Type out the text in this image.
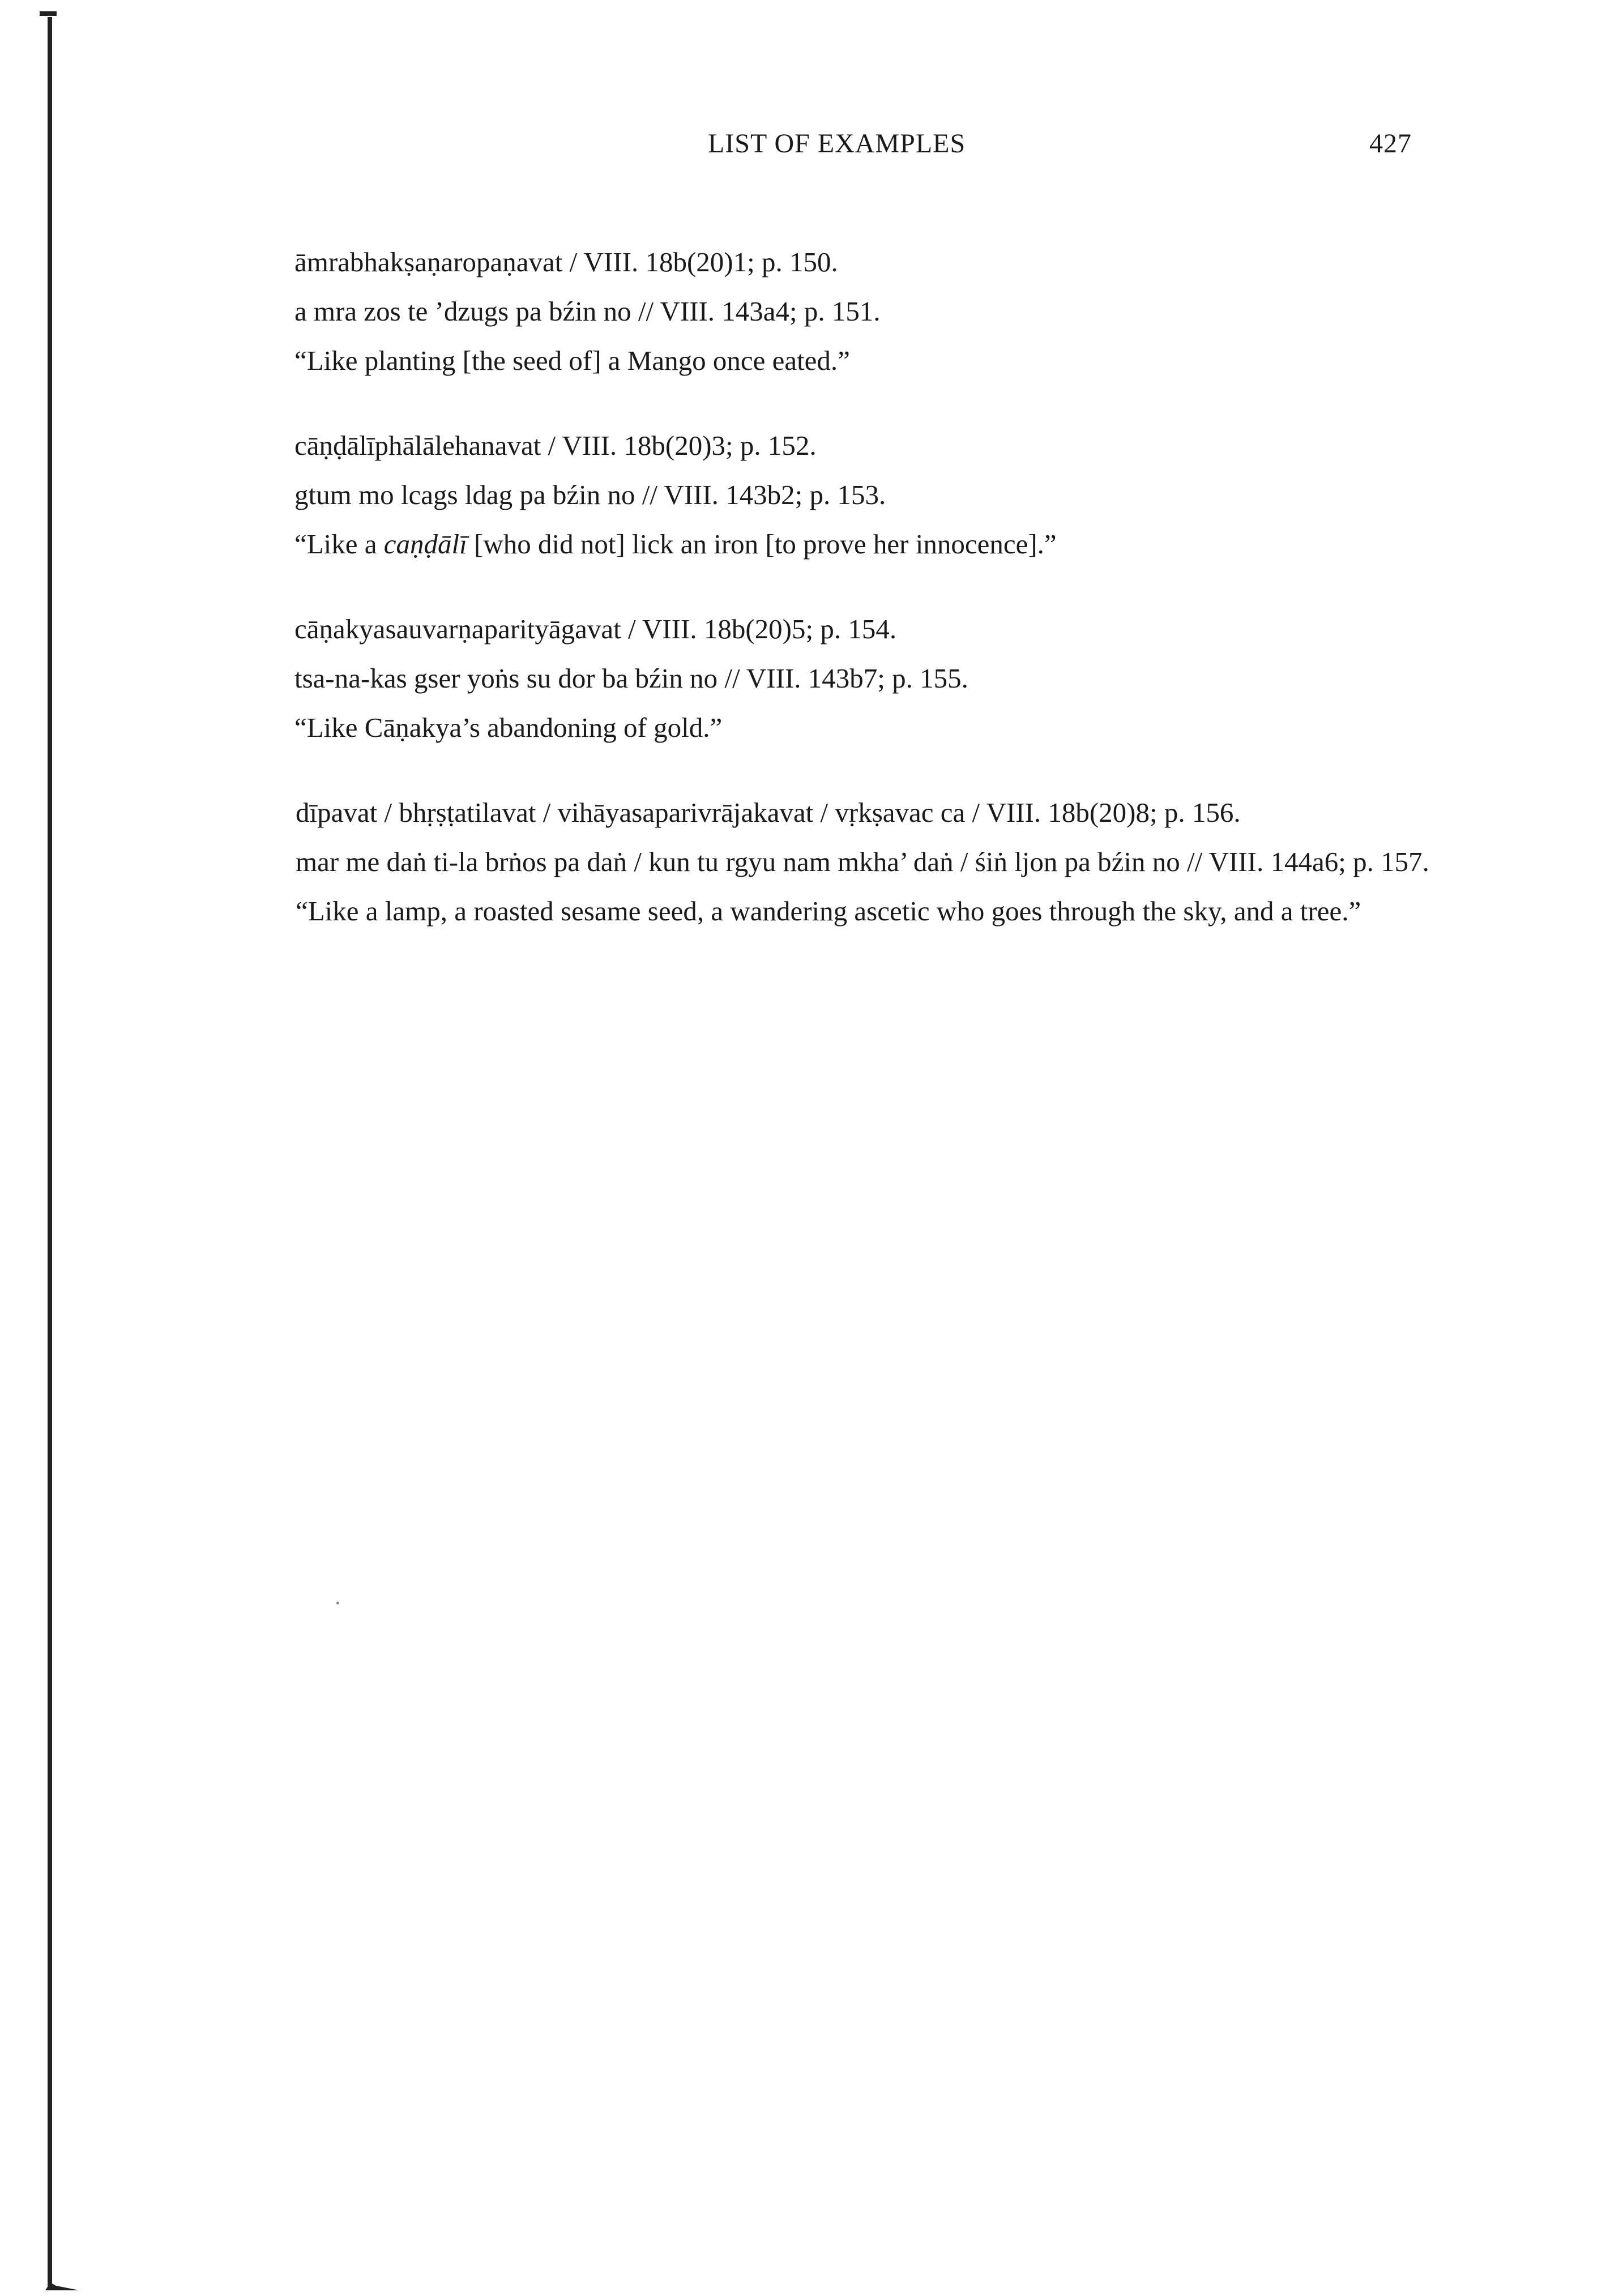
LIST OF EXAMPLES	427
āmrabhakṣaṇaropaṇavat / VIII. 18b(20)1; p. 150.
a mra zos te ’dzugs pa bźin no // VIII. 143a4; p. 151.
“Like planting [the seed of] a Mango once eated.”
cāṇḍālīphālālehanavat / VIII. 18b(20)3; p. 152.
gtum mo lcags ldag pa bźin no // VIII. 143b2; p. 153.
“Like a caṇḍālī [who did not] lick an iron [to prove her innocence].”
cāṇakyasauvarṇaparityāgavat / VIII. 18b(20)5; p. 154.
tsa-na-kas gser yoṅs su dor ba bźin no // VIII. 143b7; p. 155.
“Like Cāṇakya’s abandoning of gold.”
dīpavat / bhṛṣṭatilavat / vihāyasaparivrājakavat / vṛkṣavac ca / VIII. 18b(20)8; p. 156.
mar me daṅ ti-la brṅos pa daṅ / kun tu rgyu nam mkha’ daṅ / śiṅ ljon pa bźin no // VIII. 144a6; p. 157.
“Like a lamp, a roasted sesame seed, a wandering ascetic who goes through the sky, and a tree.”
